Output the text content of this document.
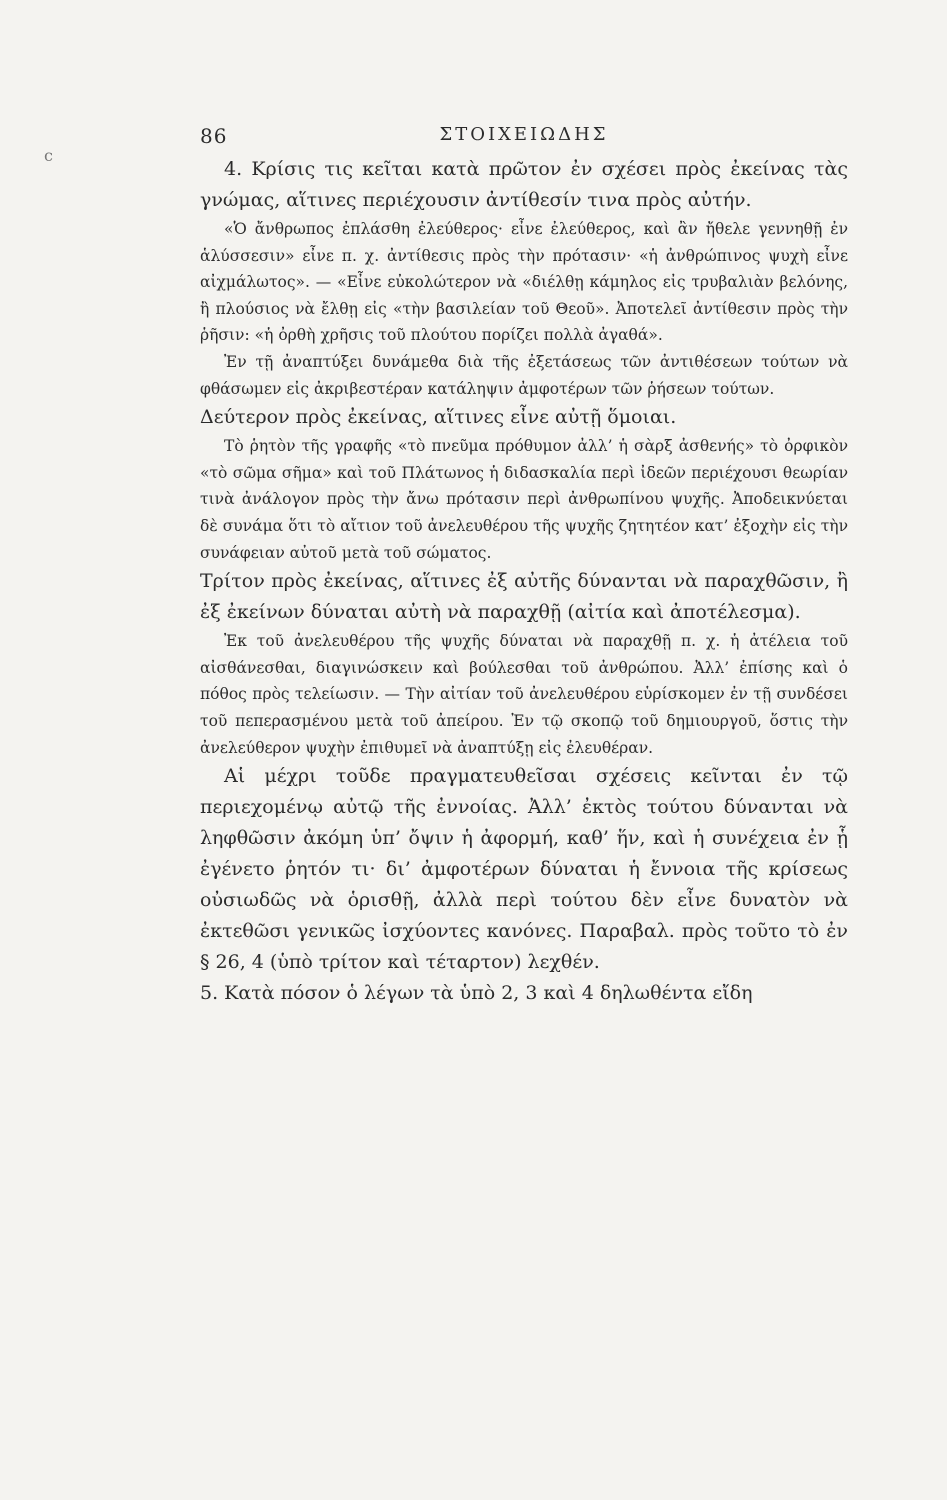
86	ΣΤΟΙΧΕΙΩΔΗΣ
ϲ

4. Κρίσις τις κεῖται κατὰ πρῶτον ἐν σχέσει πρὸς ἐκείνας τὰς γνώμας, αἵτινες περιέχουσιν ἀντίθεσίν τινα πρὸς αὐτήν.

«Ὁ ἄνθρωπος ἐπλάσθη ἐλεύθερος· εἶνε ἐλεύθερος, καὶ ἂν ἤθελε γεννηθῇ ἐν ἁλύσσεσιν» εἶνε π. χ. ἀντίθεσις πρὸς τὴν πρότασιν· «ἡ ἀνθρώπινος ψυχὴ εἶνε αἰχμάλωτος». — «Εἶνε εὐκολώτερον νὰ «διέλθῃ κάμηλος εἰς τρυβαλιὰν βελόνης, ἢ πλούσιος νὰ ἔλθῃ εἰς «τὴν βασιλείαν τοῦ Θεοῦ». Ἀποτελεῖ ἀντίθεσιν πρὸς τὴν ῥῆσιν: «ἡ ὀρθὴ χρῆσις τοῦ πλούτου πορίζει πολλὰ ἀγαθά».

Ἐν τῇ ἀναπτύξει δυνάμεθα διὰ τῆς ἐξετάσεως τῶν ἀντιθέσεων τούτων νὰ φθάσωμεν εἰς ἀκριβεστέραν κατάληψιν ἀμφοτέρων τῶν ῥήσεων τούτων.

Δεύτερον πρὸς ἐκείνας, αἵτινες εἶνε αὐτῇ ὅμοιαι.

Τὸ ῥητὸν τῆς γραφῆς «τὸ πνεῦμα πρόθυμον ἀλλ’ ἡ σὰρξ ἀσθενής» τὸ ὀρφικὸν «τὸ σῶμα σῆμα» καὶ τοῦ Πλάτωνος ἡ διδασκαλία περὶ ἰδεῶν περιέχουσι θεωρίαν τινὰ ἀνάλογον πρὸς τὴν ἄνω πρότασιν περὶ ἀνθρωπίνου ψυχῆς. Ἀποδεικνύεται δὲ συνάμα ὅτι τὸ αἴτιον τοῦ ἀνελευθέρου τῆς ψυχῆς ζητητέον κατ’ ἐξοχὴν εἰς τὴν συνάφειαν αὐτοῦ μετὰ τοῦ σώματος.

Τρίτον πρὸς ἐκείνας, αἵτινες ἐξ αὐτῆς δύνανται νὰ παραχθῶσιν, ἢ ἐξ ἐκείνων δύναται αὐτὴ νὰ παραχθῇ (αἰτία καὶ ἀποτέλεσμα).

Ἐκ τοῦ ἀνελευθέρου τῆς ψυχῆς δύναται νὰ παραχθῇ π. χ. ἡ ἀτέλεια τοῦ αἰσθάνεσθαι, διαγινώσκειν καὶ βούλεσθαι τοῦ ἀνθρώπου. Ἀλλ’ ἐπίσης καὶ ὁ πόθος πρὸς τελείωσιν. — Τὴν αἰτίαν τοῦ ἀνελευθέρου εὑρίσκομεν ἐν τῇ συνδέσει τοῦ πεπερασμένου μετὰ τοῦ ἀπείρου. Ἐν τῷ σκοπῷ τοῦ δημιουργοῦ, ὅστις τὴν ἀνελεύθερον ψυχὴν ἐπιθυμεῖ νὰ ἀναπτύξῃ εἰς ἐλευθέραν.

Αἱ μέχρι τοῦδε πραγματευθεῖσαι σχέσεις κεῖνται ἐν τῷ περιεχομένῳ αὐτῷ τῆς ἐννοίας. Ἀλλ’ ἐκτὸς τούτου δύνανται νὰ ληφθῶσιν ἀκόμη ὑπ’ ὄψιν ἡ ἀφορμή, καθ’ ἥν, καὶ ἡ συνέχεια ἐν ᾗ ἐγένετο ῥητόν τι· δι’ ἀμφοτέρων δύναται ἡ ἔννοια τῆς κρίσεως οὐσιωδῶς νὰ ὁρισθῇ, ἀλλὰ περὶ τούτου δὲν εἶνε δυνατὸν νὰ ἐκτεθῶσι γενικῶς ἰσχύοντες κανόνες. Παραβαλ. πρὸς τοῦτο τὸ ἐν § 26, 4 (ὑπὸ τρίτον καὶ τέταρτον) λεχθέν.

5. Κατὰ πόσον ὁ λέγων τὰ ὑπὸ 2, 3 καὶ 4 δηλωθέντα εἴδη
